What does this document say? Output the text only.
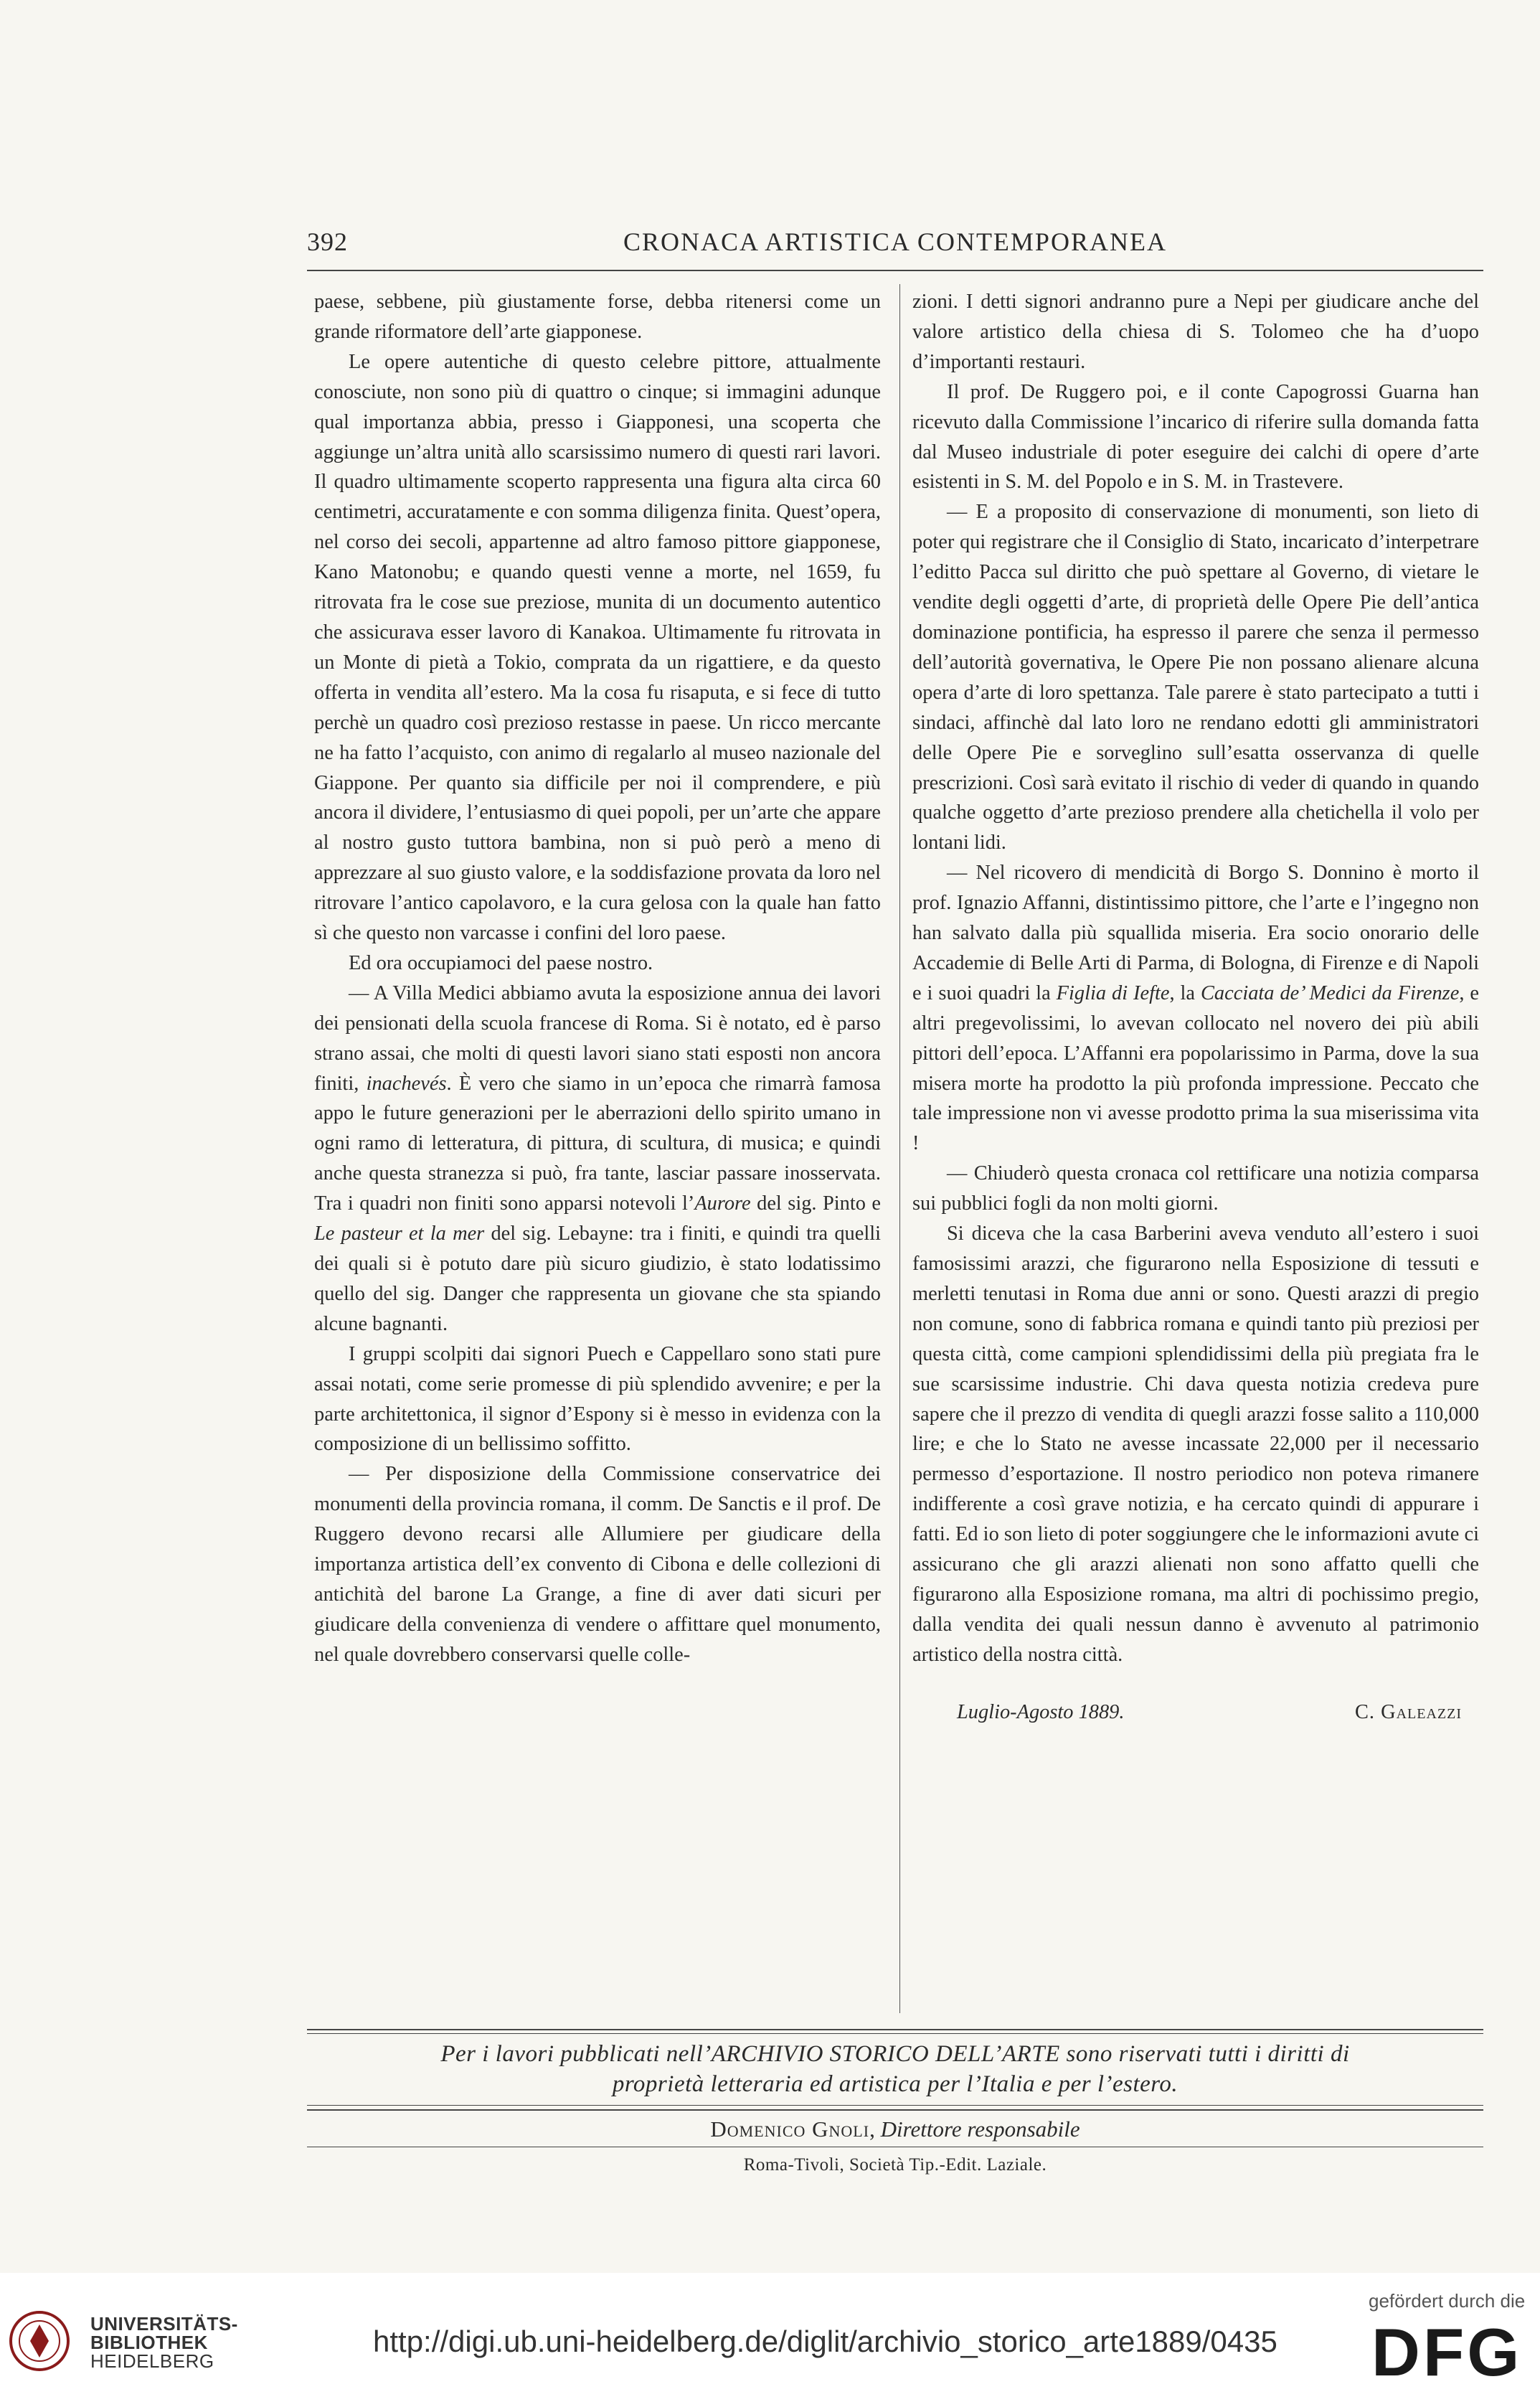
392	CRONACA ARTISTICA CONTEMPORANEA

paese, sebbene, più giustamente forse, debba ritenersi come un grande riformatore dell’arte giapponese.

Le opere autentiche di questo celebre pittore, attualmente conosciute, non sono più di quattro o cinque; si immagini adunque qual importanza abbia, presso i Giapponesi, una scoperta che aggiunge un’altra unità allo scarsissimo numero di questi rari lavori. Il quadro ultimamente scoperto rappresenta una figura alta circa 60 centimetri, accuratamente e con somma diligenza finita. Quest’opera, nel corso dei secoli, appartenne ad altro famoso pittore giapponese, Kano Matonobu; e quando questi venne a morte, nel 1659, fu ritrovata fra le cose sue preziose, munita di un documento autentico che assicurava esser lavoro di Kanakoa. Ultimamente fu ritrovata in un Monte di pietà a Tokio, comprata da un rigattiere, e da questo offerta in vendita all’estero. Ma la cosa fu risaputa, e si fece di tutto perchè un quadro così prezioso restasse in paese. Un ricco mercante ne ha fatto l’acquisto, con animo di regalarlo al museo nazionale del Giappone. Per quanto sia difficile per noi il comprendere, e più ancora il dividere, l’entusiasmo di quei popoli, per un’arte che appare al nostro gusto tuttora bambina, non si può però a meno di apprezzare al suo giusto valore, e la soddisfazione provata da loro nel ritrovare l’antico capolavoro, e la cura gelosa con la quale han fatto sì che questo non varcasse i confini del loro paese.

Ed ora occupiamoci del paese nostro.

— A Villa Medici abbiamo avuta la esposizione annua dei lavori dei pensionati della scuola francese di Roma. Si è notato, ed è parso strano assai, che molti di questi lavori siano stati esposti non ancora finiti, inachevés. È vero che siamo in un’epoca che rimarrà famosa appo le future generazioni per le aberrazioni dello spirito umano in ogni ramo di letteratura, di pittura, di scultura, di musica; e quindi anche questa stranezza si può, fra tante, lasciar passare inosservata. Tra i quadri non finiti sono apparsi notevoli l’Aurore del sig. Pinto e Le pasteur et la mer del sig. Lebayne: tra i finiti, e quindi tra quelli dei quali si è potuto dare più sicuro giudizio, è stato lodatissimo quello del sig. Danger che rappresenta un giovane che sta spiando alcune bagnanti.

I gruppi scolpiti dai signori Puech e Cappellaro sono stati pure assai notati, come serie promesse di più splendido avvenire; e per la parte architettonica, il signor d’Espony si è messo in evidenza con la composizione di un bellissimo soffitto.

— Per disposizione della Commissione conservatrice dei monumenti della provincia romana, il comm. De Sanctis e il prof. De Ruggero devono recarsi alle Allumiere per giudicare della importanza artistica dell’ex convento di Cibona e delle collezioni di antichità del barone La Grange, a fine di aver dati sicuri per giudicare della convenienza di vendere o affittare quel monumento, nel quale dovrebbero conservarsi quelle colle-

zioni. I detti signori andranno pure a Nepi per giudicare anche del valore artistico della chiesa di S. Tolomeo che ha d’uopo d’importanti restauri.

Il prof. De Ruggero poi, e il conte Capogrossi Guarna han ricevuto dalla Commissione l’incarico di riferire sulla domanda fatta dal Museo industriale di poter eseguire dei calchi di opere d’arte esistenti in S. M. del Popolo e in S. M. in Trastevere.

— E a proposito di conservazione di monumenti, son lieto di poter qui registrare che il Consiglio di Stato, incaricato d’interpetrare l’editto Pacca sul diritto che può spettare al Governo, di vietare le vendite degli oggetti d’arte, di proprietà delle Opere Pie dell’antica dominazione pontificia, ha espresso il parere che senza il permesso dell’autorità governativa, le Opere Pie non possano alienare alcuna opera d’arte di loro spettanza. Tale parere è stato partecipato a tutti i sindaci, affinchè dal lato loro ne rendano edotti gli amministratori delle Opere Pie e sorveglino sull’esatta osservanza di quelle prescrizioni. Così sarà evitato il rischio di veder di quando in quando qualche oggetto d’arte prezioso prendere alla chetichella il volo per lontani lidi.

— Nel ricovero di mendicità di Borgo S. Donnino è morto il prof. Ignazio Affanni, distintissimo pittore, che l’arte e l’ingegno non han salvato dalla più squallida miseria. Era socio onorario delle Accademie di Belle Arti di Parma, di Bologna, di Firenze e di Napoli e i suoi quadri la Figlia di Iefte, la Cacciata de’ Medici da Firenze, e altri pregevolissimi, lo avevan collocato nel novero dei più abili pittori dell’epoca. L’Affanni era popolarissimo in Parma, dove la sua misera morte ha prodotto la più profonda impressione. Peccato che tale impressione non vi avesse prodotto prima la sua miserissima vita !

— Chiuderò questa cronaca col rettificare una notizia comparsa sui pubblici fogli da non molti giorni.

Si diceva che la casa Barberini aveva venduto all’estero i suoi famosissimi arazzi, che figurarono nella Esposizione di tessuti e merletti tenutasi in Roma due anni or sono. Questi arazzi di pregio non comune, sono di fabbrica romana e quindi tanto più preziosi per questa città, come campioni splendidissimi della più pregiata fra le sue scarsissime industrie. Chi dava questa notizia credeva pure sapere che il prezzo di vendita di quegli arazzi fosse salito a 110,000 lire; e che lo Stato ne avesse incassate 22,000 per il necessario permesso d’esportazione. Il nostro periodico non poteva rimanere indifferente a così grave notizia, e ha cercato quindi di appurare i fatti. Ed io son lieto di poter soggiungere che le informazioni avute ci assicurano che gli arazzi alienati non sono affatto quelli che figurarono alla Esposizione romana, ma altri di pochissimo pregio, dalla vendita dei quali nessun danno è avvenuto al patrimonio artistico della nostra città.

Luglio-Agosto 1889.	C. Galeazzi
Per i lavori pubblicati nell’ARCHIVIO STORICO DELL’ARTE sono riservati tutti i diritti di
proprietà letteraria ed artistica per l’Italia e per l’estero.
Domenico Gnoli, Direttore responsabile
Roma-Tivoli, Società Tip.-Edit. Laziale.
UNIVERSITÄTS-
BIBLIOTHEK
HEIDELBERG
http://digi.ub.uni-heidelberg.de/diglit/archivio_storico_arte1889/0435
gefördert durch die
DFG
